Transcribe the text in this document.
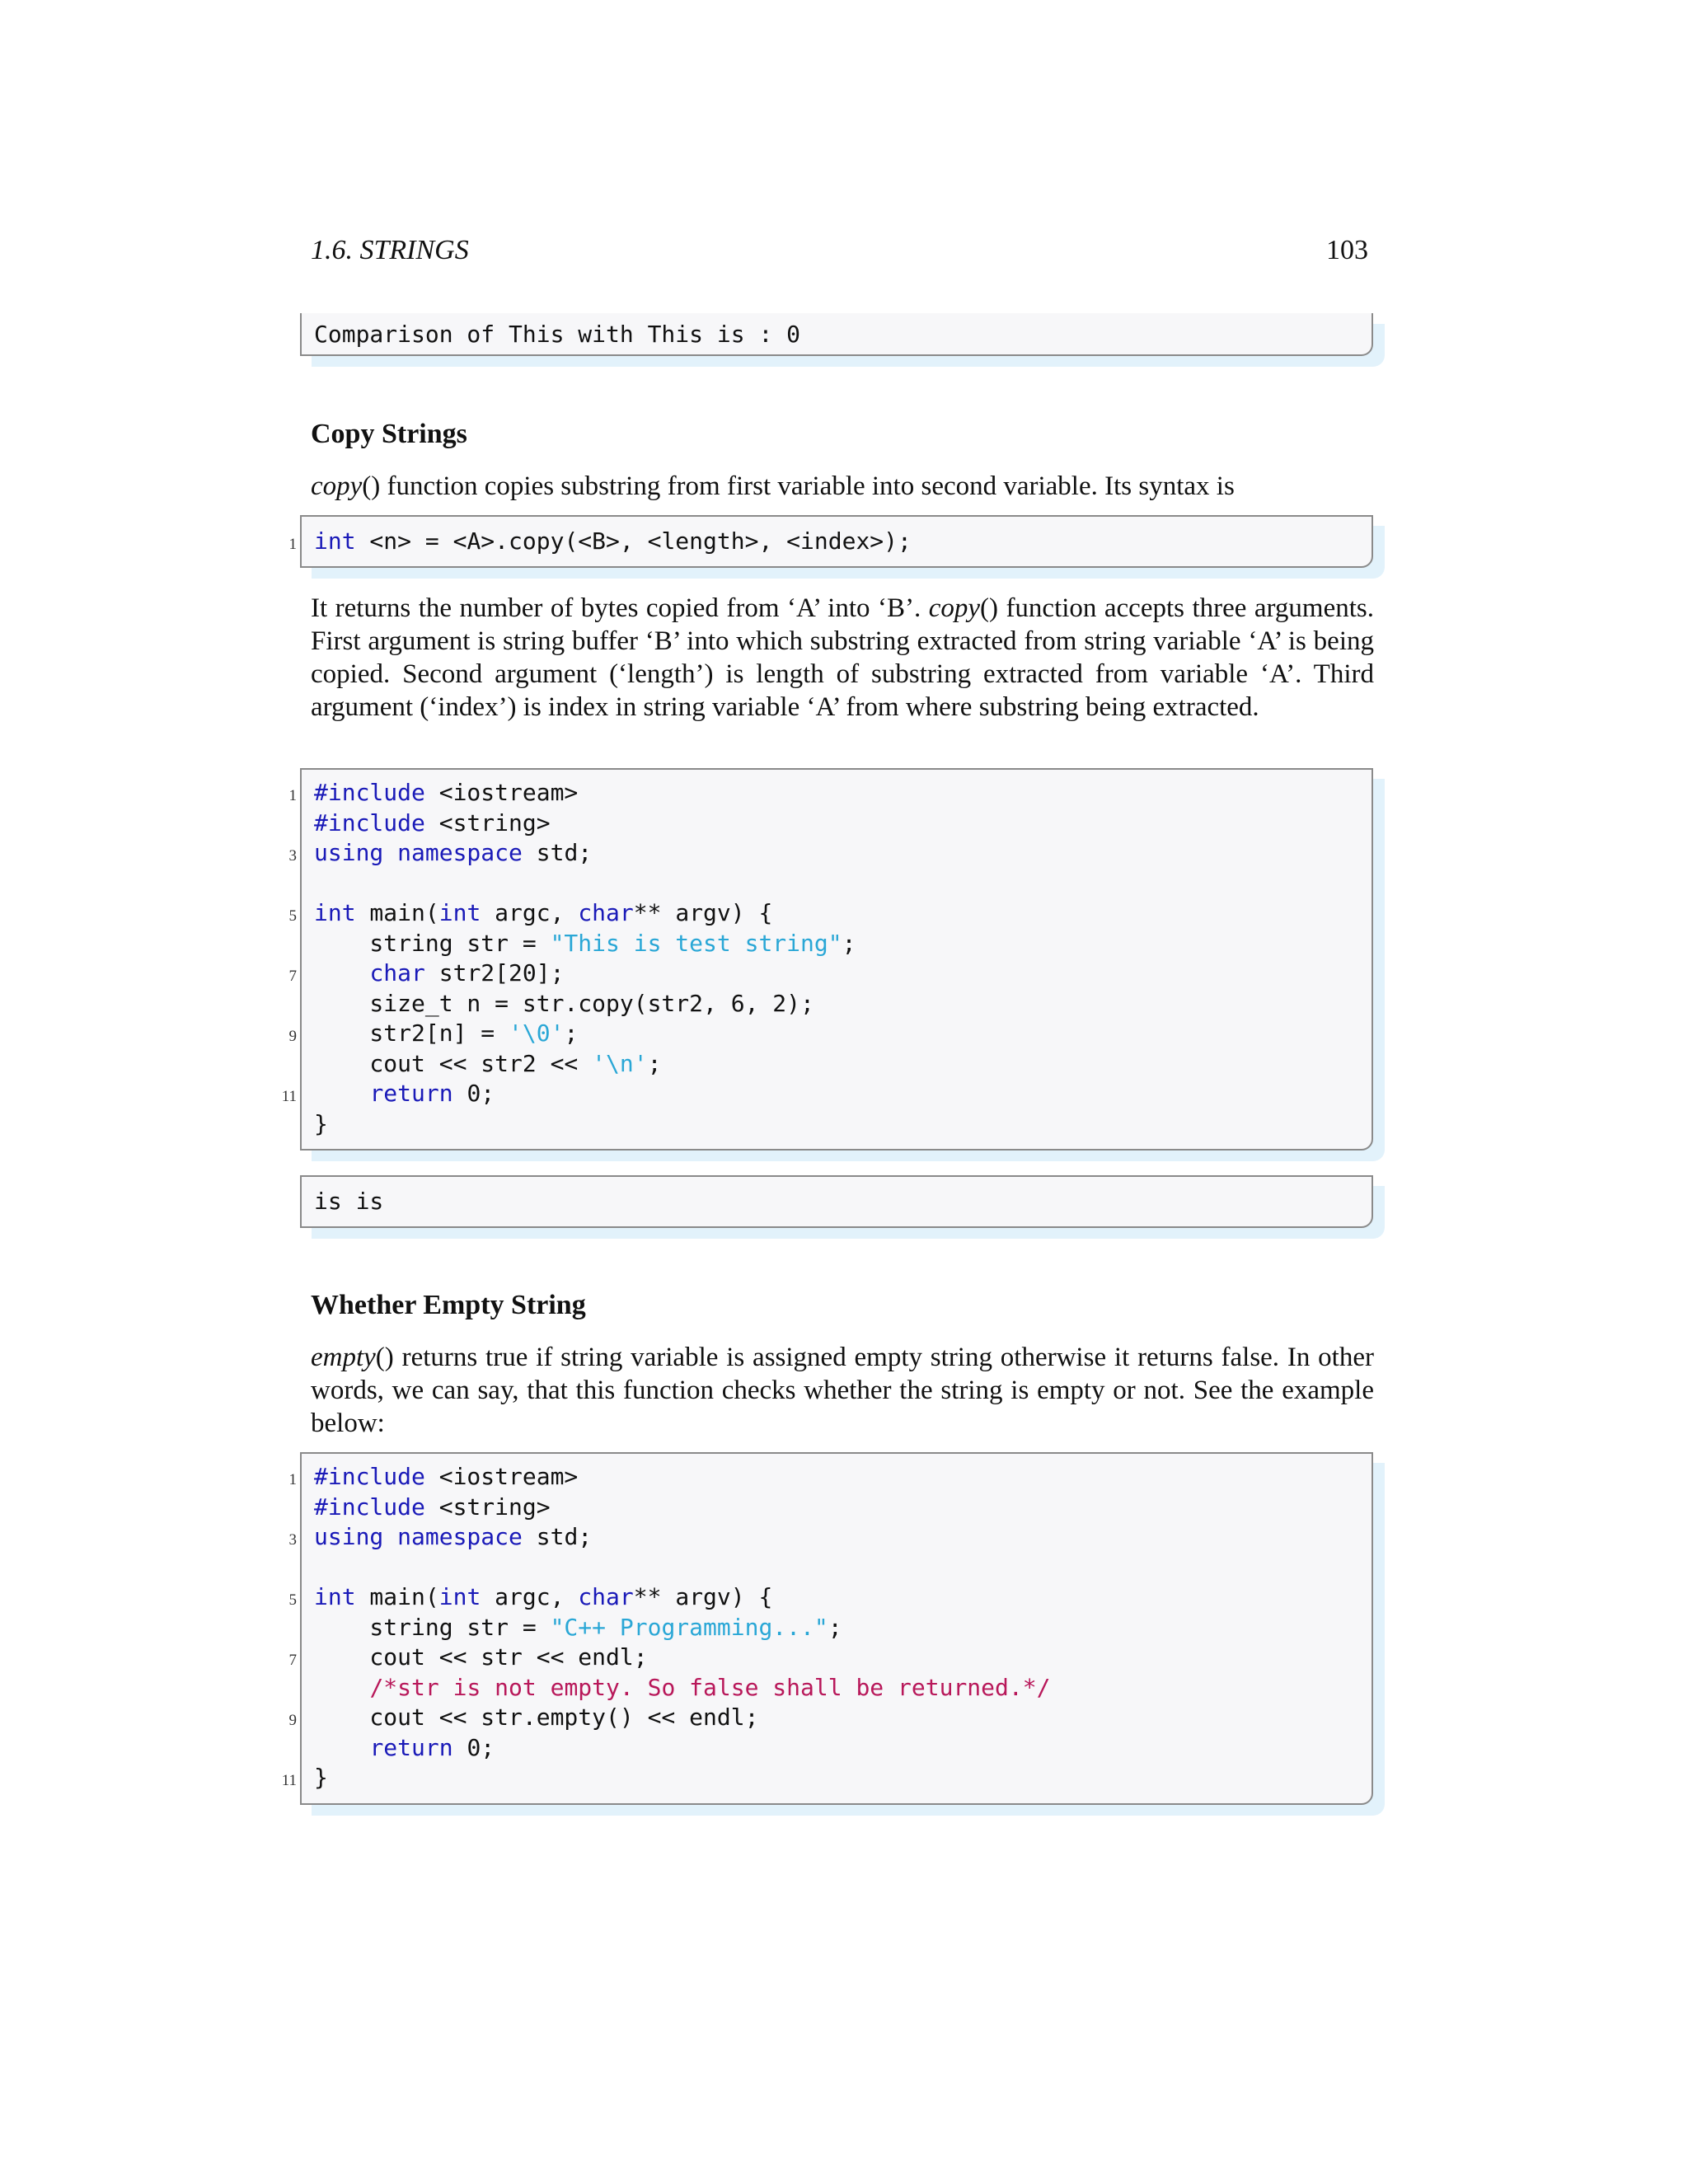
1.6. STRINGS	103
Comparison of This with This is : 0
Copy Strings
copy() function copies substring from first variable into second variable. Its syntax is
1 int <n> = <A>.copy(<B>, <length>, <index>);
It returns the number of bytes copied from ‘A’ into ‘B’. copy() function accepts three arguments. First argument is string buffer ‘B’ into which substring extracted from string variable ‘A’ is being copied. Second argument (‘length’) is length of substring extracted from variable ‘A’. Third argument (‘index’) is index in string variable ‘A’ from where substring being extracted.
1 #include <iostream>
#include <string>
3 using namespace std;
5 int main(int argc, char** argv) {
string str = "This is test string";
7	char str2[20];
size_t n = str.copy(str2, 6, 2);
9 str2[n] = '\0';
cout << str2 << '\n';
11	return 0;
}
is is
Whether Empty String
empty() returns true if string variable is assigned empty string otherwise it returns false. In other words, we can say, that this function checks whether the string is empty or not. See the example below:
1 #include <iostream>
#include <string>
3 using namespace std;
5 int main(int argc, char** argv) {
string str = "C++ Programming...";
7 cout << str << endl;
/*str is not empty. So false shall be returned.*/
9 cout << str.empty() << endl;
return 0;
11 }
